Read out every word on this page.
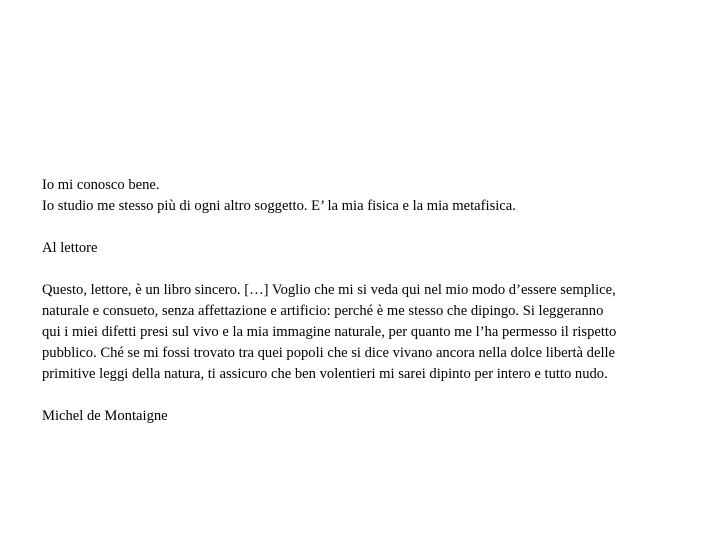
Io mi conosco bene.
Io studio me stesso più di ogni altro soggetto. E’ la mia fisica e la mia metafisica.
Al lettore
Questo, lettore, è un libro sincero. […] Voglio che mi si veda qui nel mio modo d’essere semplice,
naturale e consueto, senza affettazione e artificio: perché è me stesso che dipingo. Si leggeranno
qui i miei difetti presi sul vivo e la mia immagine naturale, per quanto me l’ha permesso il rispetto
pubblico. Ché se mi fossi trovato tra quei popoli che si dice vivano ancora nella dolce libertà delle
primitive leggi della natura, ti assicuro che ben volentieri mi sarei dipinto per intero e tutto nudo.
Michel de Montaigne
